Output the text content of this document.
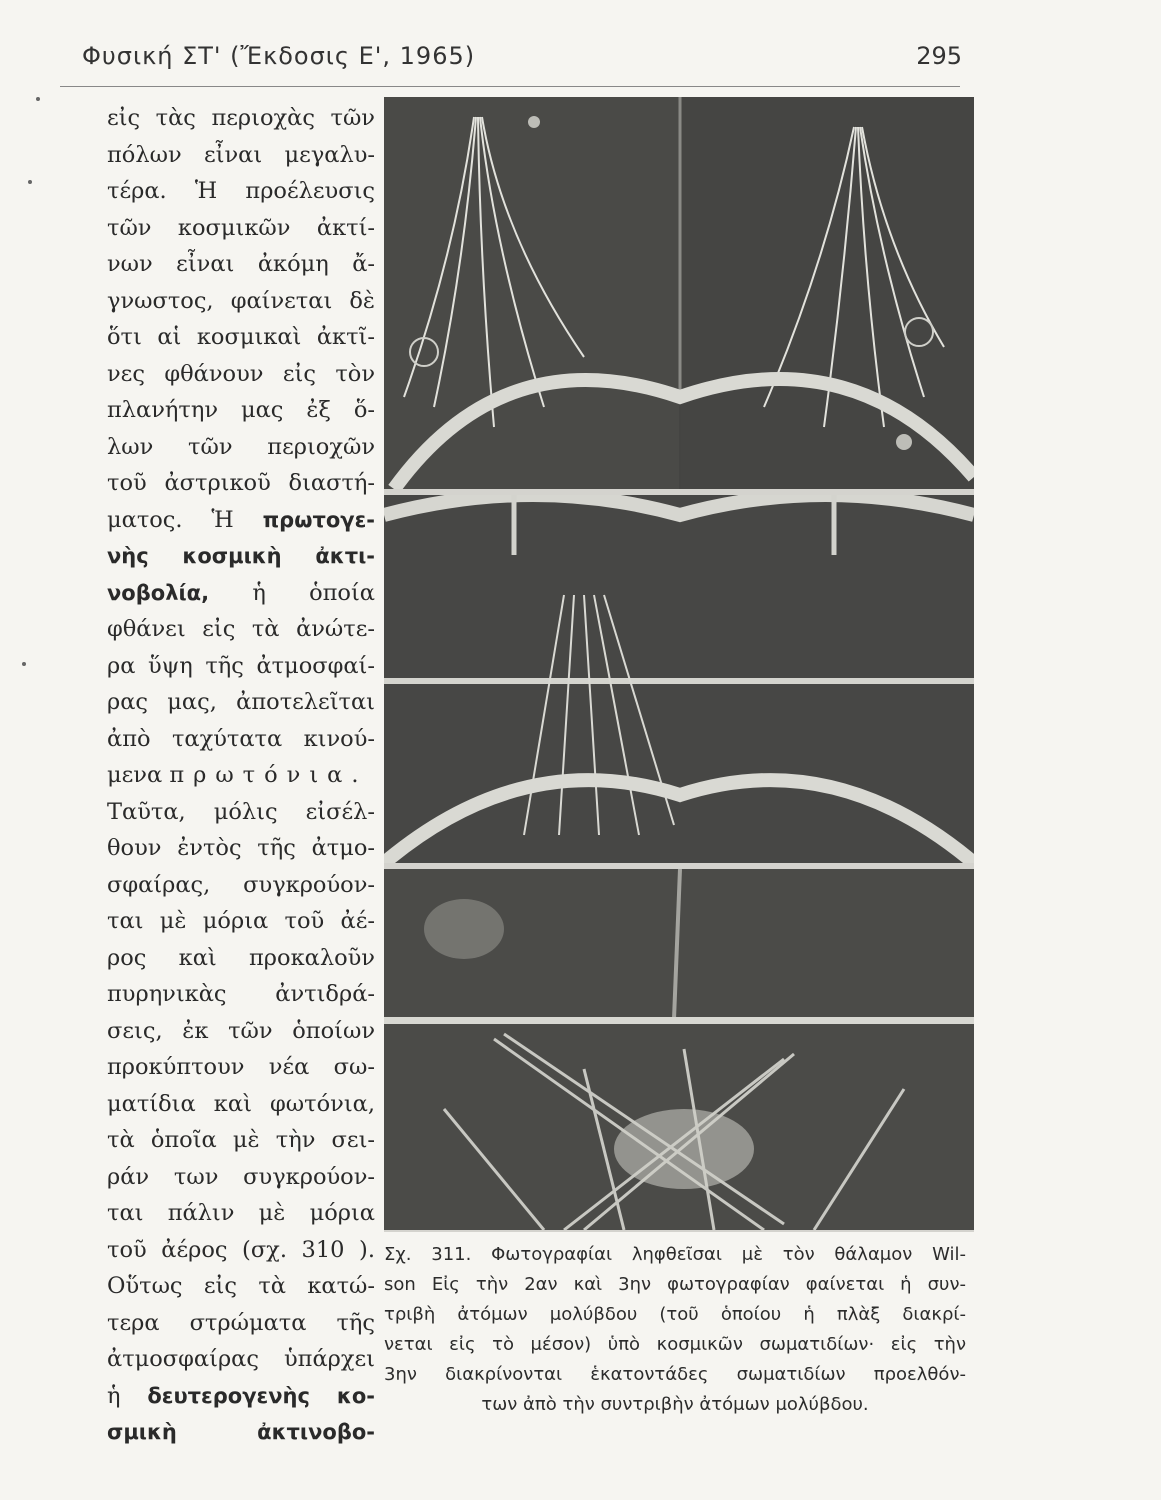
Φυσική ΣΤ' (Ἔκδοσις Ε', 1965)	295
εἰς τὰς περιοχὰς τῶν
πόλων εἶναι μεγαλυ-
τέρα. Ἡ προέλευσις
τῶν κοσμικῶν ἀκτί-
νων εἶναι ἀκόμη ἄ-
γνωστος, φαίνεται δὲ
ὅτι αἱ κοσμικαὶ ἀκτῖ-
νες φθάνουν εἰς τὸν
πλανήτην μας ἐξ ὅ-
λων τῶν περιοχῶν
τοῦ ἀστρικοῦ διαστή-
ματος. Ἡ πρωτογε-
νὴς κοσμικὴ ἀκτι-
νοβολία, ἡ ὁποία
φθάνει εἰς τὰ ἀνώτε-
ρα ὕψη τῆς ἀτμοσφαί-
ρας μας, ἀποτελεῖται
ἀπὸ ταχύτατα κινού-
μενα πρωτόνια.
Ταῦτα, μόλις εἰσέλ-
θουν ἐντὸς τῆς ἀτμο-
σφαίρας, συγκρούον-
ται μὲ μόρια τοῦ ἀέ-
ρος καὶ προκαλοῦν
πυρηνικὰς ἀντιδρά-
σεις, ἐκ τῶν ὁποίων
προκύπτουν νέα σω-
ματίδια καὶ φωτόνια,
τὰ ὁποῖα μὲ τὴν σει-
ράν των συγκρούον-
ται πάλιν μὲ μόρια
τοῦ ἀέρος (σχ. 310 ).
Οὕτως εἰς τὰ κατώ-
τερα στρώματα τῆς
ἀτμοσφαίρας ὑπάρχει
ἡ δευτερογενὴς κο-
σμικὴ ἀκτινοβο-
Σχ. 311. Φωτογραφίαι ληφθεῖσαι μὲ τὸν θάλαμον Wil-
son Εἰς τὴν 2αν καὶ 3ην φωτογραφίαν φαίνεται ἡ συν-
τριβὴ ἀτόμων μολύβδου (τοῦ ὁποίου ἡ πλὰξ διακρί-
νεται εἰς τὸ μέσον) ὑπὸ κοσμικῶν σωματιδίων· εἰς τὴν
3ην διακρίνονται ἑκατοντάδες σωματιδίων προελθόν-
των ἀπὸ τὴν συντριβὴν ἀτόμων μολύβδου.
